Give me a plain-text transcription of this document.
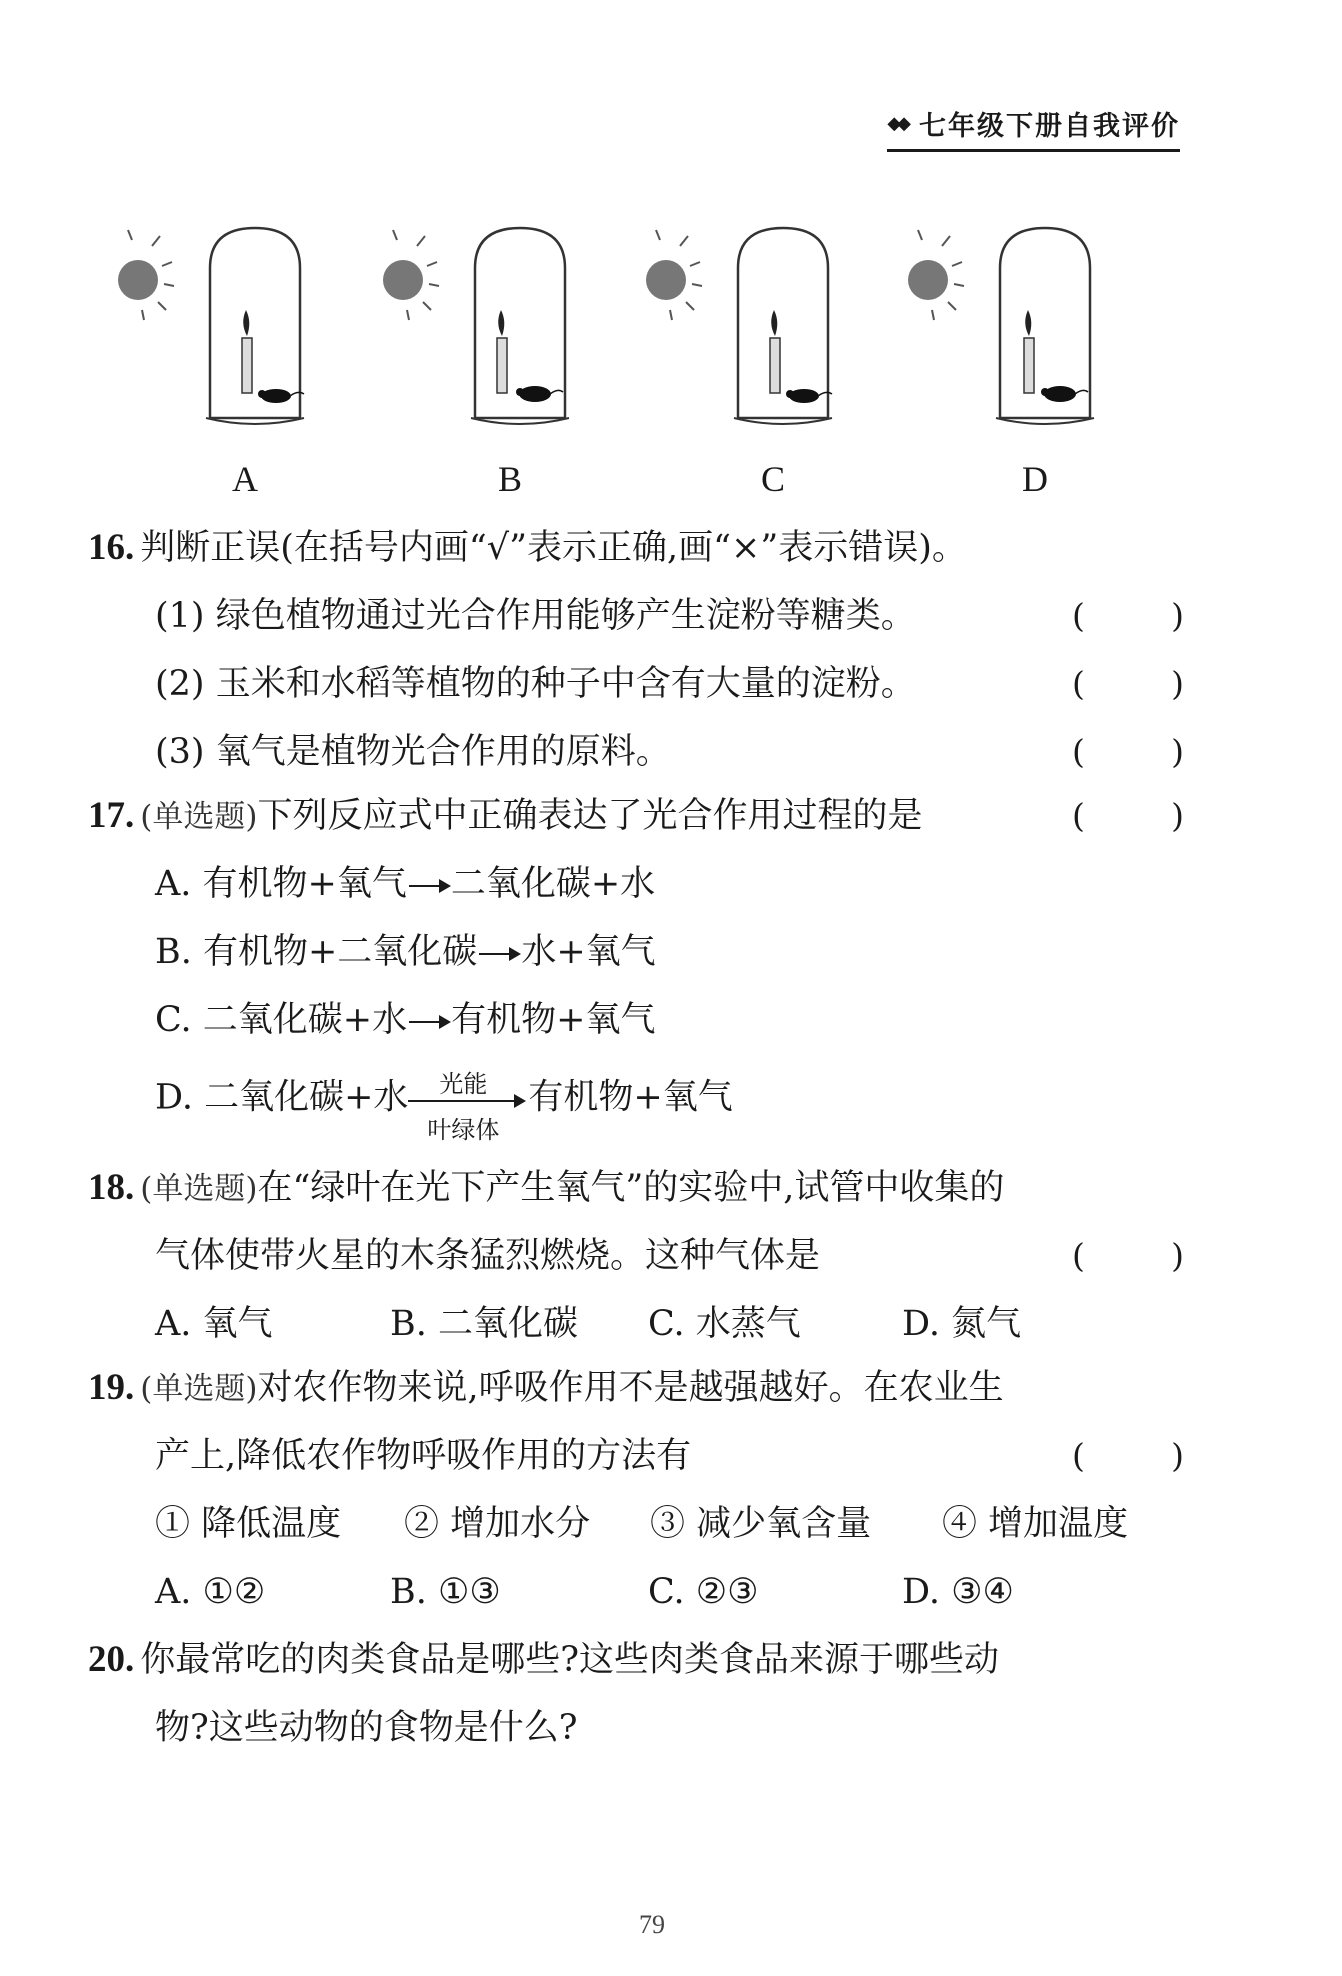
◆◆ 七年级下册自我评价
A	B	C	D
16. 判断正误(在括号内画“√”表示正确,画“×”表示错误)。
(1) 绿色植物通过光合作用能够产生淀粉等糖类。	(	)
(2) 玉米和水稻等植物的种子中含有大量的淀粉。	(	)
(3) 氧气是植物光合作用的原料。	(	)
17. (单选题)下列反应式中正确表达了光合作用过程的是	(	)
A. 有机物+氧气 二氧化碳+水
B. 有机物+二氧化碳 水+氧气
C. 二氧化碳+水 有机物+氧气
D. 二氧化碳+水	光能
叶绿体
有机物+氧气
18. (单选题)在“绿叶在光下产生氧气”的实验中,试管中收集的
气体使带火星的木条猛烈燃烧。这种气体是	(	)
A. 氧气	B. 二氧化碳 C. 水蒸气	D. 氮气
19. (单选题)对农作物来说,呼吸作用不是越强越好。在农业生
产上,降低农作物呼吸作用的方法有	(	)
① 降低温度 ② 增加水分 ③ 减少氧含量 ④ 增加温度
A. ①②	B. ①③	C. ②③	D. ③④
20. 你最常吃的肉类食品是哪些?这些肉类食品来源于哪些动
物?这些动物的食物是什么?
79
